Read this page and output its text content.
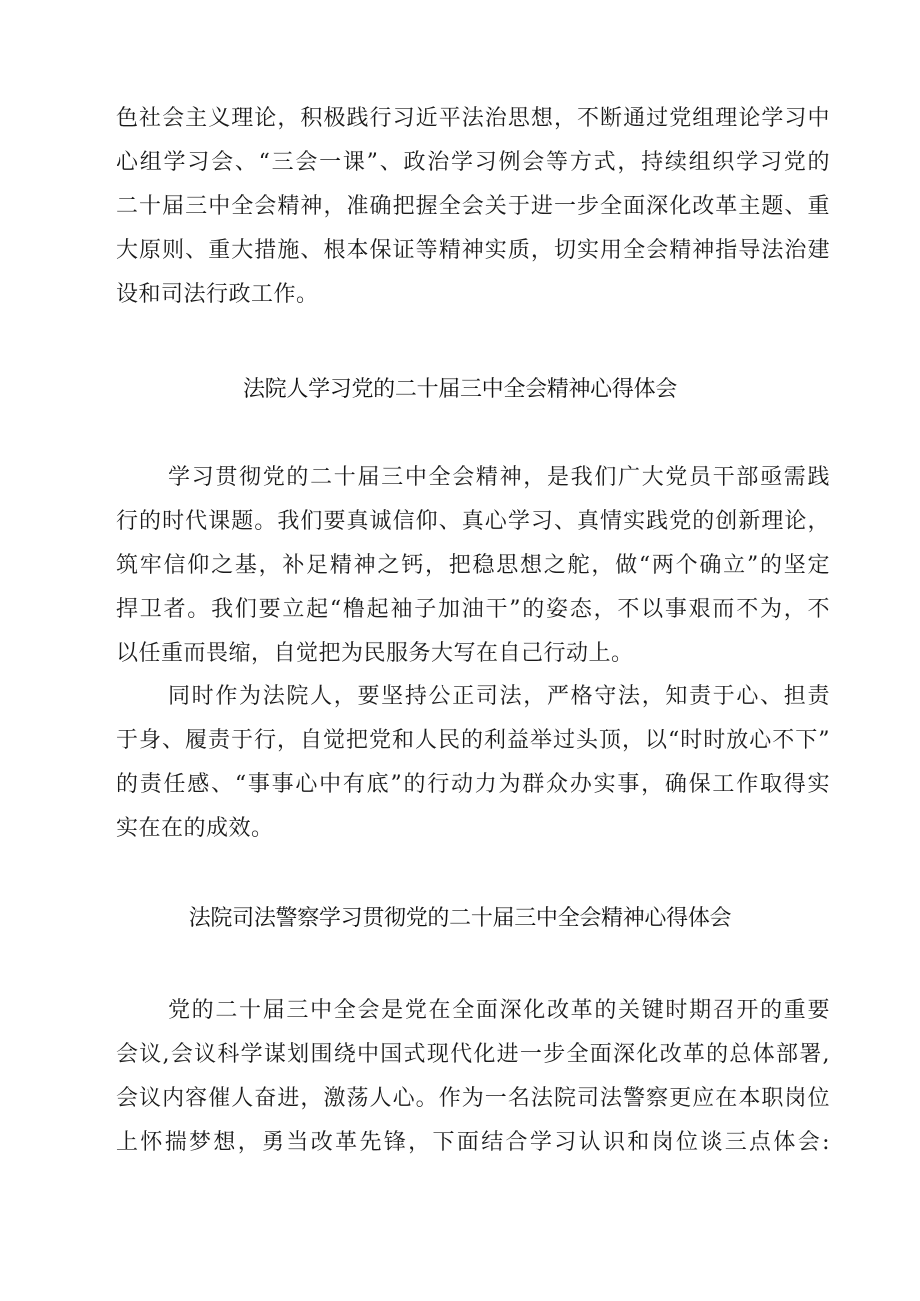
色社会主义理论，积极践行习近平法治思想，不断通过党组理论学习中
心组学习会、“三会一课”、政治学习例会等方式，持续组织学习党的
二十届三中全会精神，准确把握全会关于进一步全面深化改革主题、重
大原则、重大措施、根本保证等精神实质，切实用全会精神指导法治建
设和司法行政工作。
法院人学习党的二十届三中全会精神心得体会
学习贯彻党的二十届三中全会精神，是我们广大党员干部亟需践
行的时代课题。我们要真诚信仰、真心学习、真情实践党的创新理论，
筑牢信仰之基，补足精神之钙，把稳思想之舵，做“两个确立”的坚定
捍卫者。我们要立起“橹起袖子加油干”的姿态，不以事艰而不为，不
以任重而畏缩，自觉把为民服务大写在自己行动上。
同时作为法院人，要坚持公正司法，严格守法，知责于心、担责
于身、履责于行，自觉把党和人民的利益举过头顶，以“时时放心不下”
的责任感、“事事心中有底”的行动力为群众办实事，确保工作取得实
实在在的成效。
法院司法警察学习贯彻党的二十届三中全会精神心得体会
党的二十届三中全会是党在全面深化改革的关键时期召开的重要
会议,会议科学谋划围绕中国式现代化进一步全面深化改革的总体部署,
会议内容催人奋进，激荡人心。作为一名法院司法警察更应在本职岗位
上怀揣梦想，勇当改革先锋，下面结合学习认识和岗位谈三点体会:
